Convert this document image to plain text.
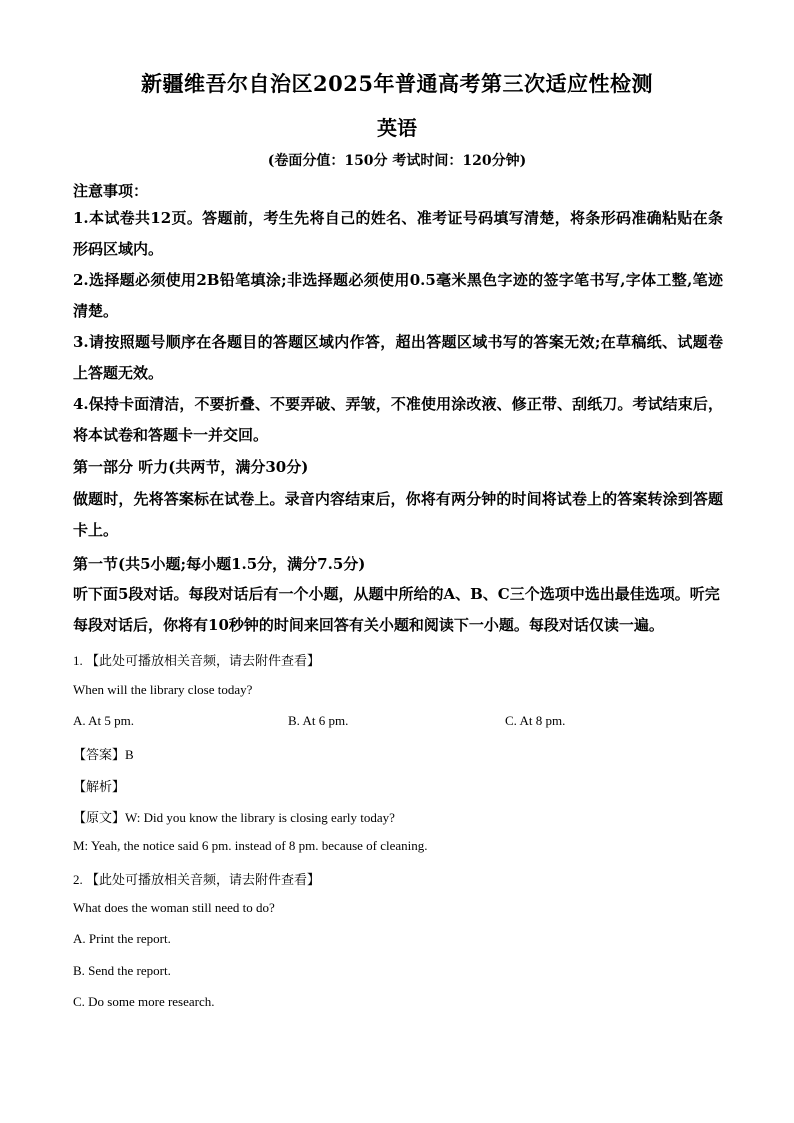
新疆维吾尔自治区2025年普通高考第三次适应性检测
英语
(卷面分值：150分 考试时间：120分钟)
注意事项：
1.本试卷共12页。答题前，考生先将自己的姓名、准考证号码填写清楚，将条形码准确粘贴在条形码区域内。
2.选择题必须使用2B铅笔填涂;非选择题必须使用0.5毫米黑色字迹的签字笔书写,字体工整,笔迹清楚。
3.请按照题号顺序在各题目的答题区域内作答，超出答题区域书写的答案无效;在草稿纸、试题卷上答题无效。
4.保持卡面清洁，不要折叠、不要弄破、弄皱，不准使用涂改液、修正带、刮纸刀。考试结束后，将本试卷和答题卡一并交回。
第一部分 听力(共两节，满分30分)
做题时，先将答案标在试卷上。录音内容结束后，你将有两分钟的时间将试卷上的答案转涂到答题卡上。
第一节(共5小题;每小题1.5分，满分7.5分)
听下面5段对话。每段对话后有一个小题，从题中所给的A、B、C三个选项中选出最佳选项。听完每段对话后，你将有10秒钟的时间来回答有关小题和阅读下一小题。每段对话仅读一遍。
1. 【此处可播放相关音频，请去附件查看】
When will the library close today?
A. At 5 pm.	B. At 6 pm.	C. At 8 pm.
【答案】B
【解析】
【原文】W: Did you know the library is closing early today?
M: Yeah, the notice said 6 pm. instead of 8 pm. because of cleaning.
2. 【此处可播放相关音频，请去附件查看】
What does the woman still need to do?
A. Print the report.
B. Send the report.
C. Do some more research.
